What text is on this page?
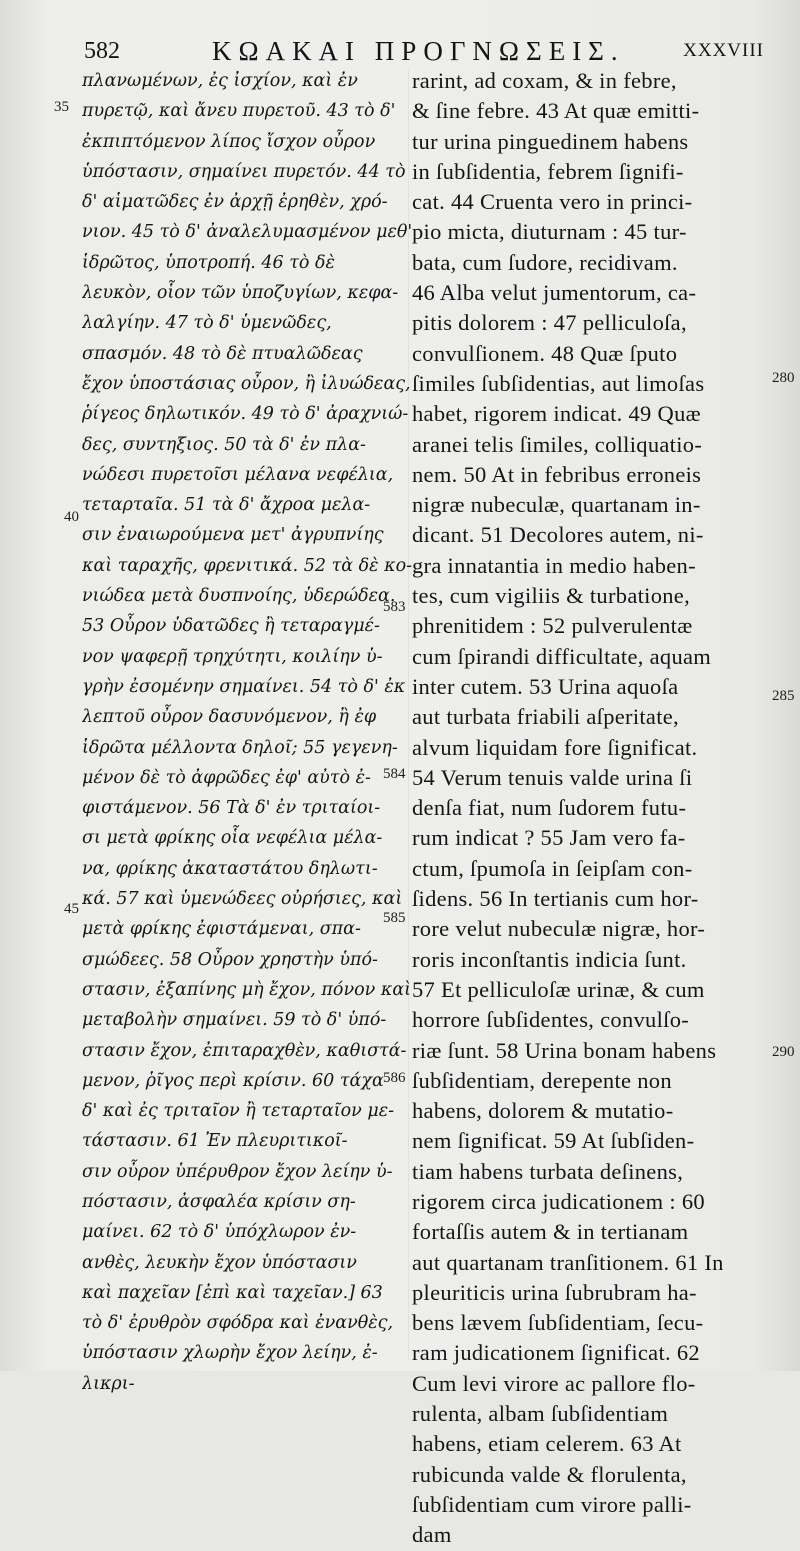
582	ΚΩΑΚΑΙ ΠΡΟΓΝΩΣΕΙΣ.	XXXVIII
πλανωμένων, ἐς ἰσχίον, καὶ ἐν
πυρετῷ, καὶ ἄνευ πυρετοῦ. 43 τὸ δ'
ἐκπιπτόμενον λίπος ἴσχον οὖρον
ὑπόστασιν, σημαίνει πυρετόν. 44 τὸ
δ' αἱματῶδες ἐν ἀρχῇ ἐρηθὲν, χρό-
νιον. 45 τὸ δ' ἀναλελυμασμένον μεθ'
ἱδρῶτος, ὑποτροπή. 46 τὸ δὲ
λευκὸν, οἷον τῶν ὑποζυγίων, κεφα-
λαλγίην. 47 τὸ δ' ὑμενῶδες,
σπασμόν. 48 τὸ δὲ πτυαλῶδεας
ἔχον ὑποστάσιας οὖρον, ἢ ἰλυώδεας,
ῥίγεος δηλωτικόν. 49 τὸ δ' ἀραχνιώ-
δες, συντηξιος. 50 τὰ δ' ἐν πλα-
νώδεσι πυρετοῖσι μέλανα νεφέλια,
τεταρταῖα. 51 τὰ δ' ἄχροα μελα-
σιν ἐναιωρούμενα μετ' ἀγρυπνίης
καὶ ταραχῆς, φρενιτικά. 52 τὰ δὲ κο-
νιώδεα μετὰ δυσπνοίης, ὑδερώδεα.
53 Οὖρον ὑδατῶδες ἢ τεταραγμέ-
νον ψαφερῇ τρηχύτητι, κοιλίην ὑ-
γρὴν ἐσομένην σημαίνει. 54 τὸ δ' ἐκ
λεπτοῦ οὖρον δασυνόμενον, ἢ ἐφ
ἱδρῶτα μέλλοντα δηλοῖ; 55 γεγενη-
μένον δὲ τὸ ἀφρῶδες ἐφ' αὐτὸ ἐ-
φιστάμενον. 56 Τὰ δ' ἐν τριταίοι-
σι μετὰ φρίκης οἷα νεφέλια μέλα-
να, φρίκης ἀκαταστάτου δηλωτι-
κά. 57 καὶ ὑμενώδεες οὐρήσιες, καὶ
μετὰ φρίκης ἐφιστάμεναι, σπα-
σμώδεες. 58 Οὖρον χρηστὴν ὑπό-
στασιν, ἐξαπίνης μὴ ἔχον, πόνον καὶ
μεταβολὴν σημαίνει. 59 τὸ δ' ὑπό-
στασιν ἔχον, ἐπιταραχθὲν, καθιστά-
μενον, ῥῖγος περὶ κρίσιν. 60 τάχα
δ' καὶ ἐς τριταῖον ἢ τεταρταῖον με-
τάστασιν. 61 Ἐν πλευριτικοῖ-
σιν οὖρον ὑπέρυθρον ἔχον λείην ὑ-
πόστασιν, ἀσφαλέα κρίσιν ση-
μαίνει. 62 τὸ δ' ὑπόχλωρον ἐν-
ανθὲς, λευκὴν ἔχον ὑπόστασιν
καὶ παχεῖαν [ἐπὶ καὶ ταχεῖαν.] 63
τὸ δ' ἐρυθρὸν σφόδρα καὶ ἐνανθὲς,
ὑπόστασιν χλωρὴν ἔχον λείην, ἐ-
λικρι-
rarint, ad coxam, & in febre,
& ſine febre. 43 At quæ emitti-
tur urina pinguedinem habens
in ſubſidentia, febrem ſignifi-
cat. 44 Cruenta vero in princi-
pio micta, diuturnam : 45 tur-
bata, cum ſudore, recidivam.
46 Alba velut jumentorum, ca-
pitis dolorem : 47 pelliculoſa,
convulſionem. 48 Quæ ſputo
ſimiles ſubſidentias, aut limoſas
habet, rigorem indicat. 49 Quæ
aranei telis ſimiles, colliquatio-
nem. 50 At in febribus erroneis
nigræ nubeculæ, quartanam in-
dicant. 51 Decolores autem, ni-
gra innatantia in medio haben-
tes, cum vigiliis & turbatione,
phrenitidem : 52 pulverulentæ
cum ſpirandi difficultate, aquam
inter cutem. 53 Urina aquoſa
aut turbata friabili aſperitate,
alvum liquidam fore ſignificat.
54 Verum tenuis valde urina ſi
denſa fiat, num ſudorem futu-
rum indicat ? 55 Jam vero fa-
ctum, ſpumoſa in ſeipſam con-
ſidens. 56 In tertianis cum hor-
rore velut nubeculæ nigræ, hor-
roris inconſtantis indicia ſunt.
57 Et pelliculoſæ urinæ, & cum
horrore ſubſidentes, convulſo-
riæ ſunt. 58 Urina bonam habens
ſubſidentiam, derepente non
habens, dolorem & mutatio-
nem ſignificat. 59 At ſubſiden-
tiam habens turbata deſinens,
rigorem circa judicationem : 60
fortaſſis autem & in tertianam
aut quartanam tranſitionem. 61 In
pleuriticis urina ſubrubram ha-
bens lævem ſubſidentiam, ſecu-
ram judicationem ſignificat. 62
Cum levi virore ac pallore flo-
rulenta, albam ſubſidentiam
habens, etiam celerem. 63 At
rubicunda valde & florulenta,
ſubſidentiam cum virore palli-
dam
35
40
45
583
584
585
586
280
285
290
